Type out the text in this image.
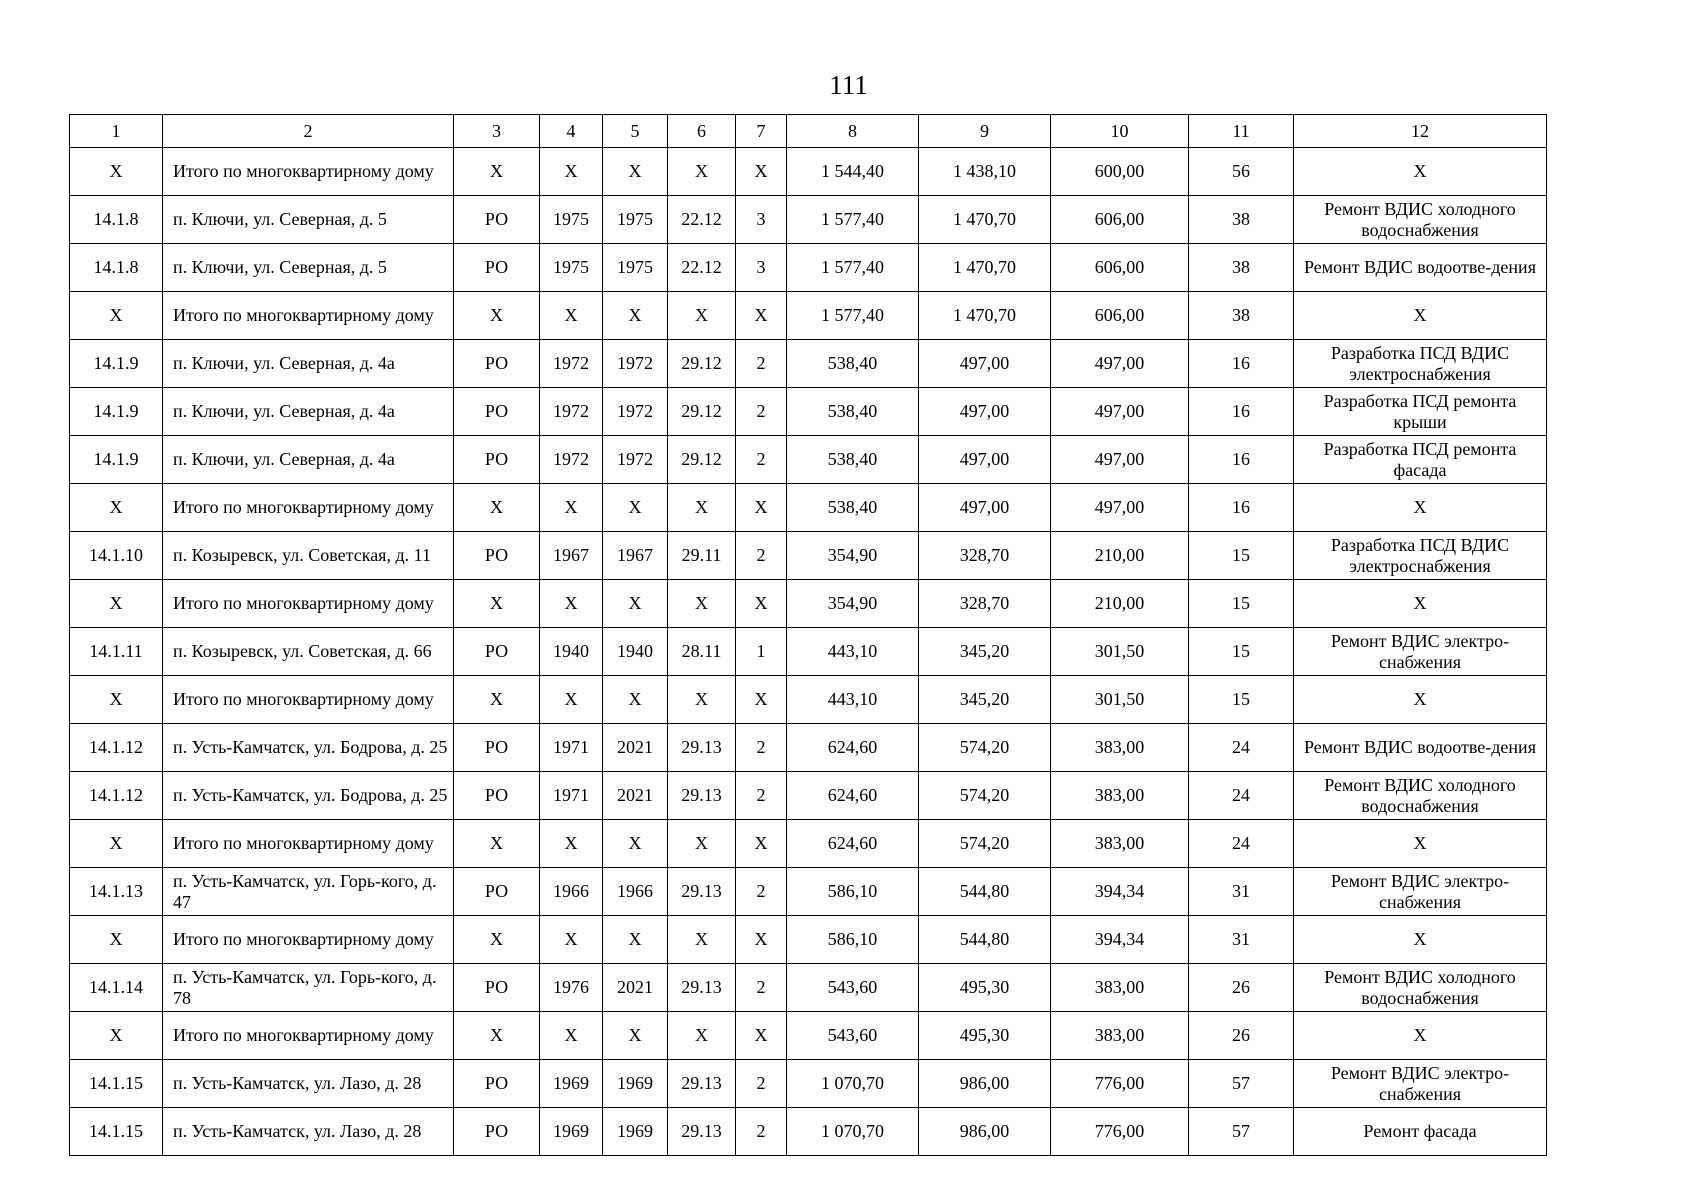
111
1	2	3	4	5	6	7	8	9	10	11	12
Х	Итого по многоквартирному дому	Х	Х	Х	Х	Х	1 544,40	1 438,10	600,00	56	Х
14.1.8	п. Ключи, ул. Северная, д. 5	РО	1975	1975	22.12	3	1 577,40	1 470,70	606,00	38	Ремонт ВДИС холодного водоснабжения
14.1.8	п. Ключи, ул. Северная, д. 5	РО	1975	1975	22.12	3	1 577,40	1 470,70	606,00	38	Ремонт ВДИС водоотве-дения
Х	Итого по многоквартирному дому	Х	Х	Х	Х	Х	1 577,40	1 470,70	606,00	38	Х
14.1.9	п. Ключи, ул. Северная, д. 4а	РО	1972	1972	29.12	2	538,40	497,00	497,00	16	Разработка ПСД ВДИС электроснабжения
14.1.9	п. Ключи, ул. Северная, д. 4а	РО	1972	1972	29.12	2	538,40	497,00	497,00	16	Разработка ПСД ремонта крыши
14.1.9	п. Ключи, ул. Северная, д. 4а	РО	1972	1972	29.12	2	538,40	497,00	497,00	16	Разработка ПСД ремонта фасада
Х	Итого по многоквартирному дому	Х	Х	Х	Х	Х	538,40	497,00	497,00	16	Х
14.1.10	п. Козыревск, ул. Советская, д. 11	РО	1967	1967	29.11	2	354,90	328,70	210,00	15	Разработка ПСД ВДИС электроснабжения
Х	Итого по многоквартирному дому	Х	Х	Х	Х	Х	354,90	328,70	210,00	15	Х
14.1.11	п. Козыревск, ул. Советская, д. 66	РО	1940	1940	28.11	1	443,10	345,20	301,50	15	Ремонт ВДИС электро-снабжения
Х	Итого по многоквартирному дому	Х	Х	Х	Х	Х	443,10	345,20	301,50	15	Х
14.1.12	п. Усть-Камчатск, ул. Бодрова, д. 25	РО	1971	2021	29.13	2	624,60	574,20	383,00	24	Ремонт ВДИС водоотве-дения
14.1.12	п. Усть-Камчатск, ул. Бодрова, д. 25	РО	1971	2021	29.13	2	624,60	574,20	383,00	24	Ремонт ВДИС холодного водоснабжения
Х	Итого по многоквартирному дому	Х	Х	Х	Х	Х	624,60	574,20	383,00	24	Х
14.1.13	п. Усть-Камчатск, ул. Горь-кого, д. 47	РО	1966	1966	29.13	2	586,10	544,80	394,34	31	Ремонт ВДИС электро-снабжения
Х	Итого по многоквартирному дому	Х	Х	Х	Х	Х	586,10	544,80	394,34	31	Х
14.1.14	п. Усть-Камчатск, ул. Горь-кого, д. 78	РО	1976	2021	29.13	2	543,60	495,30	383,00	26	Ремонт ВДИС холодного водоснабжения
Х	Итого по многоквартирному дому	Х	Х	Х	Х	Х	543,60	495,30	383,00	26	Х
14.1.15	п. Усть-Камчатск, ул. Лазо, д. 28	РО	1969	1969	29.13	2	1 070,70	986,00	776,00	57	Ремонт ВДИС электро-снабжения
14.1.15	п. Усть-Камчатск, ул. Лазо, д. 28	РО	1969	1969	29.13	2	1 070,70	986,00	776,00	57	Ремонт фасада
